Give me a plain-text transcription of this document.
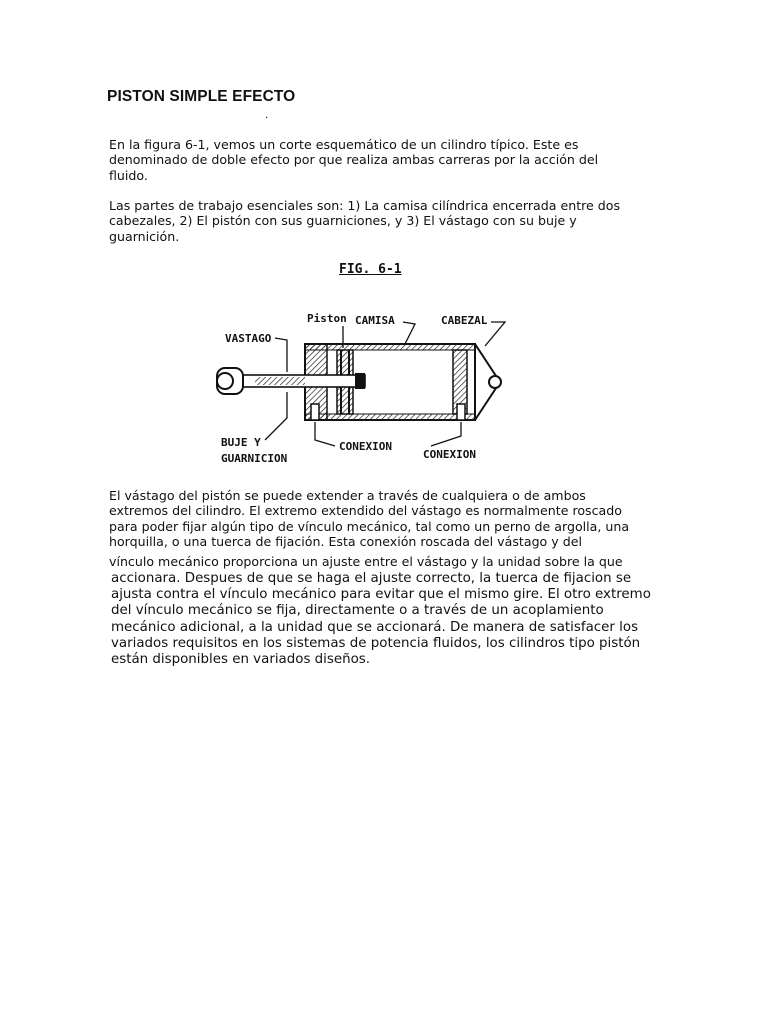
PISTON SIMPLE EFECTO
.

En la figura 6-1, vemos un corte esquemático de un cilindro típico. Este es denominado de doble efecto por que realiza ambas carreras por la acción del fluido.

Las partes de trabajo esenciales son: 1) La camisa cilíndrica encerrada entre dos cabezales, 2) El pistón con sus guarniciones, y 3) El vástago con su buje y guarnición.

FIG. 6-1
VASTAGO
Piston CAMISA	CABEZAL
BUJE Y
GUARNICION
CONEXION
CONEXION

El vástago del pistón se puede extender a través de cualquiera o de ambos
extremos del cilindro. El extremo extendido del vástago es normalmente roscado
para poder fijar algún tipo de vínculo mecánico, tal como un perno de argolla, una
horquilla, o una tuerca de fijación. Esta conexión roscada del vástago y del

vínculo mecánico proporciona un ajuste entre el vástago y la unidad sobre la que

accionara. Despues de que se haga el ajuste correcto, la tuerca de fijacion se
ajusta contra el vínculo mecánico para evitar que el mismo gire. El otro extremo
del vínculo mecánico se fija, directamente o a través de un acoplamiento
mecánico adicional, a la unidad que se accionará. De manera de satisfacer los
variados requisitos en los sistemas de potencia fluidos, los cilindros tipo pistón
están disponibles en variados diseños.
